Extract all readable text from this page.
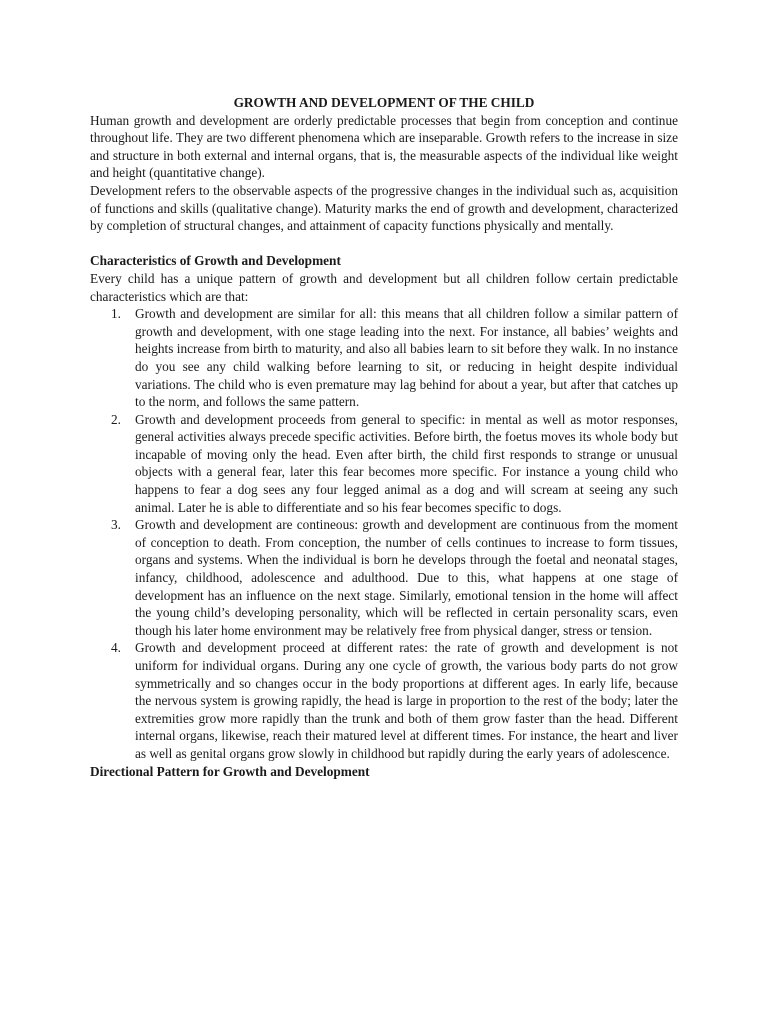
GROWTH AND DEVELOPMENT OF THE CHILD

Human growth and development are orderly predictable processes that begin from conception and continue throughout life. They are two different phenomena which are inseparable. Growth refers to the increase in size and structure in both external and internal organs, that is, the measurable aspects of the individual like weight and height (quantitative change).

Development refers to the observable aspects of the progressive changes in the individual such as, acquisition of functions and skills (qualitative change). Maturity marks the end of growth and development, characterized by completion of structural changes, and attainment of capacity functions physically and mentally.

Characteristics of Growth and Development

Every child has a unique pattern of growth and development but all children follow certain predictable characteristics which are that:

1. Growth and development are similar for all: this means that all children follow a similar pattern of growth and development, with one stage leading into the next. For instance, all babies’ weights and heights increase from birth to maturity, and also all babies learn to sit before they walk. In no instance do you see any child walking before learning to sit, or reducing in height despite individual variations. The child who is even premature may lag behind for about a year, but after that catches up to the norm, and follows the same pattern.
2. Growth and development proceeds from general to specific: in mental as well as motor responses, general activities always precede specific activities. Before birth, the foetus moves its whole body but incapable of moving only the head. Even after birth, the child first responds to strange or unusual objects with a general fear, later this fear becomes more specific. For instance a young child who happens to fear a dog sees any four legged animal as a dog and will scream at seeing any such animal. Later he is able to differentiate and so his fear becomes specific to dogs.
3. Growth and development are contineous: growth and development are continuous from the moment of conception to death. From conception, the number of cells continues to increase to form tissues, organs and systems. When the individual is born he develops through the foetal and neonatal stages, infancy, childhood, adolescence and adulthood. Due to this, what happens at one stage of development has an influence on the next stage. Similarly, emotional tension in the home will affect the young child’s developing personality, which will be reflected in certain personality scars, even though his later home environment may be relatively free from physical danger, stress or tension.
4. Growth and development proceed at different rates: the rate of growth and development is not uniform for individual organs. During any one cycle of growth, the various body parts do not grow symmetrically and so changes occur in the body proportions at different ages. In early life, because the nervous system is growing rapidly, the head is large in proportion to the rest of the body; later the extremities grow more rapidly than the trunk and both of them grow faster than the head. Different internal organs, likewise, reach their matured level at different times. For instance, the heart and liver as well as genital organs grow slowly in childhood but rapidly during the early years of adolescence.

Directional Pattern for Growth and Development
